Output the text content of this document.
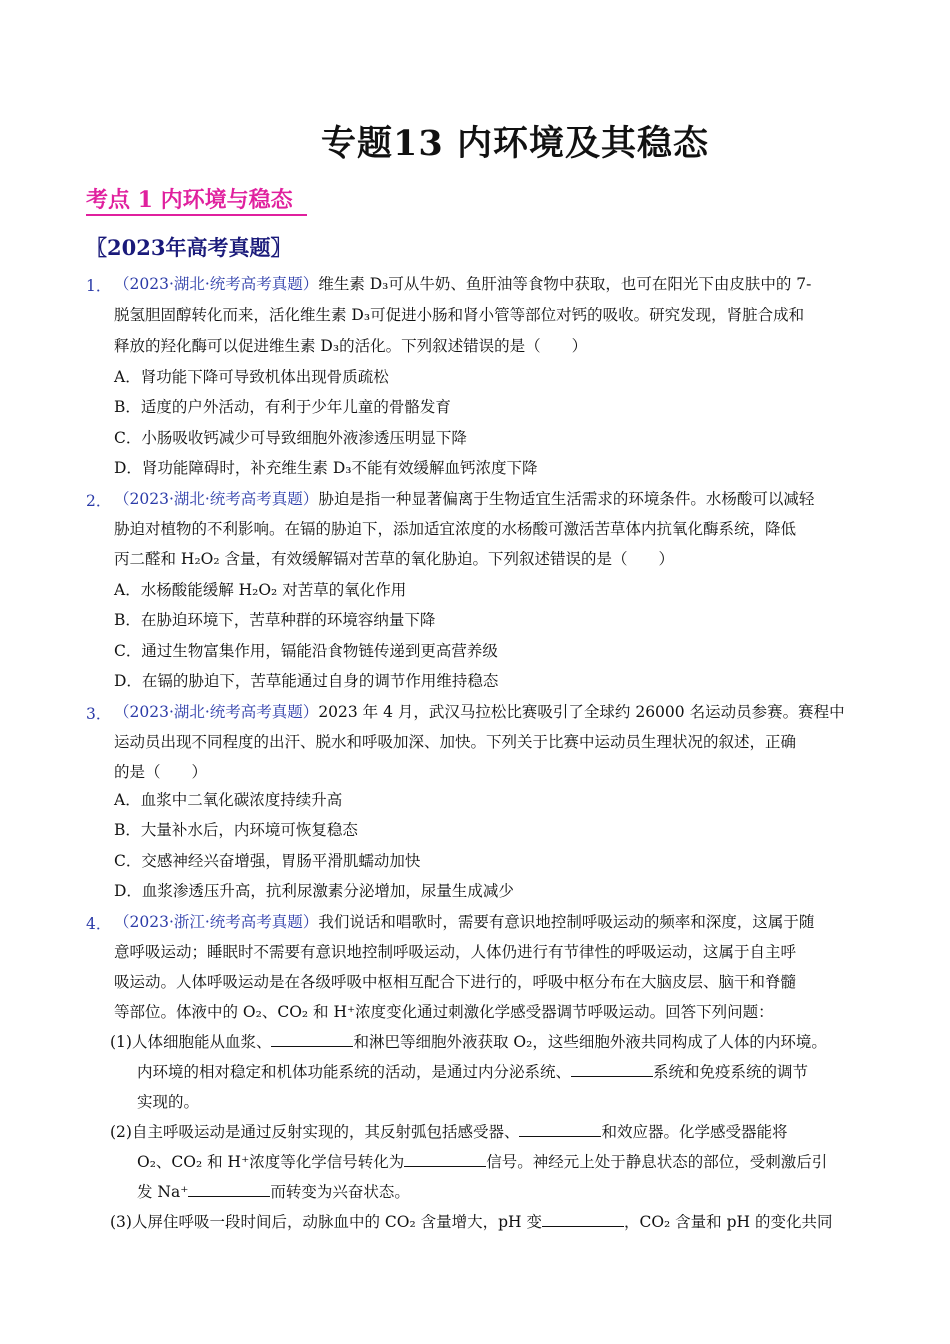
专题13 内环境及其稳态
考点 1 内环境与稳态
〖2023年高考真题〗
1． （2023·湖北·统考高考真题）维生素 D₃可从牛奶、鱼肝油等食物中获取，也可在阳光下由皮肤中的 7-
脱氢胆固醇转化而来，活化维生素 D₃可促进小肠和肾小管等部位对钙的吸收。研究发现，肾脏合成和
释放的羟化酶可以促进维生素 D₃的活化。下列叙述错误的是（　　）
A．肾功能下降可导致机体出现骨质疏松
B．适度的户外活动，有利于少年儿童的骨骼发育
C．小肠吸收钙减少可导致细胞外液渗透压明显下降
D．肾功能障碍时，补充维生素 D₃不能有效缓解血钙浓度下降
2． （2023·湖北·统考高考真题）胁迫是指一种显著偏离于生物适宜生活需求的环境条件。水杨酸可以减轻
胁迫对植物的不利影响。在镉的胁迫下，添加适宜浓度的水杨酸可激活苦草体内抗氧化酶系统，降低
丙二醛和 H₂O₂ 含量，有效缓解镉对苦草的氧化胁迫。下列叙述错误的是（　　）
A．水杨酸能缓解 H₂O₂ 对苦草的氧化作用
B．在胁迫环境下，苦草种群的环境容纳量下降
C．通过生物富集作用，镉能沿食物链传递到更高营养级
D．在镉的胁迫下，苦草能通过自身的调节作用维持稳态
3． （2023·湖北·统考高考真题）2023 年 4 月，武汉马拉松比赛吸引了全球约 26000 名运动员参赛。赛程中
运动员出现不同程度的出汗、脱水和呼吸加深、加快。下列关于比赛中运动员生理状况的叙述，正确
的是（　　）
A．血浆中二氧化碳浓度持续升高
B．大量补水后，内环境可恢复稳态
C．交感神经兴奋增强，胃肠平滑肌蠕动加快
D．血浆渗透压升高，抗利尿激素分泌增加，尿量生成减少
4． （2023·浙江·统考高考真题）我们说话和唱歌时，需要有意识地控制呼吸运动的频率和深度，这属于随
意呼吸运动；睡眠时不需要有意识地控制呼吸运动，人体仍进行有节律性的呼吸运动，这属于自主呼
吸运动。人体呼吸运动是在各级呼吸中枢相互配合下进行的，呼吸中枢分布在大脑皮层、脑干和脊髓
等部位。体液中的 O₂、CO₂ 和 H⁺浓度变化通过刺激化学感受器调节呼吸运动。回答下列问题：
(1)人体细胞能从血浆、	和淋巴等细胞外液获取 O₂，这些细胞外液共同构成了人体的内环境。
内环境的相对稳定和机体功能系统的活动，是通过内分泌系统、	系统和免疫系统的调节
实现的。
(2)自主呼吸运动是通过反射实现的，其反射弧包括感受器、	和效应器。化学感受器能将
O₂、CO₂ 和 H⁺浓度等化学信号转化为	信号。神经元上处于静息状态的部位，受刺激后引
发 Na⁺	而转变为兴奋状态。
(3)人屏住呼吸一段时间后，动脉血中的 CO₂ 含量增大，pH 变	，CO₂ 含量和 pH 的变化共同
